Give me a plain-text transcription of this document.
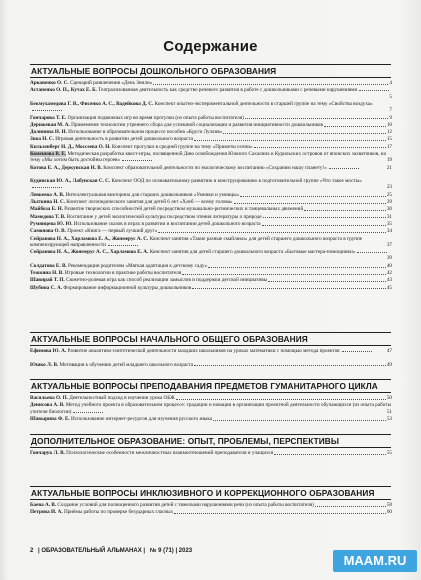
Содержание
АКТУАЛЬНЫЕ ВОПРОСЫ ДОШКОЛЬНОГО ОБРАЗОВАНИЯ
Аркавенко О. С. Сценарий развлечения «День Земли»	4
Астапенко О. П., Кутах Е. Б. Театрализованная деятельность как средство речевого развития в работе с дошкольниками с речевыми нарушениями
5
Бекмухамедова Г. В., Фисенко А. С., Вадейкова Д. С. Конспект опытно-экспериментальной деятельности в старшей группе на тему «Свойства воздуха»
7
Гончарова Т. Е. Организация подвижных игр во время прогулки (из опыта работы воспитателя)	9
Дерижевая М. А. Применение технологии утреннего сбора для успешной социализации и развития инициативности дошкольников	10
Долинина Н. Н. Использование в образовательном процессе пособия «Круги Луллия»	12
Зиоа Н. С. Игровая деятельность в развитии детей дошкольного возраста	15
Кильзенберг Н. Д., Моссеева О. Н. Конспект прогулки в средней группе на тему «Приметы осени»	17
Комешова В. Е. Методическая разработка квест-игры, посвященной Дню освобождения Южного Сахалина и Курильских островов от японских захватчиков, на тему «Мы хотим быть достойны героев»	19
Котова Е. А., Деркунская Н. В. Конспект образовательной деятельности по экологическому воспитанию «Сохраним нашу планету!»	21
Кудинская Ю. А., Лабунская С. С. Конспект ООД по познавательному развитию и конструированию в подготовительной группе «Что такое мосты»
23
Левкеева А. В. Интеллектуальная викторина для старших дошкольников «Умники и умницы»	25
Лыткина Н. С. Конспект логопедического занятия для детей 6 лет «Хлеб — всему голова»	29
Майбоза Е. Н. Развитие творческих способностей детей посредством музыкально-ритмических и танцевальных движений	30
Мамедова Т. В. Воспитание у детей экологической культуры посредством чтения литературы о природе	31
Румянцева Ю. Ю. Использование сказок в играх в развитии и воспитании детей дошкольного возраста	35
Самонова О. В. Проект «Книга — первый лучший друг»	34
Сейранова Н. А., Харламова Е. А., Жонмерус А. С. Конспект занятия «Такие разные смайлики» для детей старшего дошкольного возраста в группе компенсирующей направленности	37
Сейранова Н. А., Жонмерус А. С., Харламова Е. А. Конспект занятия для детей старшего дошкольного возраста «Бытовые мастера-помощники»
39
Солдатова Е. В. Рекомендации родителям «Мягкая адаптация к детскому саду»	40
Тежкина Н. В. Игровые технологии в практике работы воспитателя	42
Шавирай Т. П. Сюжетно-ролевая игра как способ реализации замыслов и поддержки детской инициативы	43
Шубина С. А. Формирование информационной культуры дошкольников	45
АКТУАЛЬНЫЕ ВОПРОСЫ НАЧАЛЬНОГО ОБЩЕГО ОБРАЗОВАНИЯ
Ефимова Ю. А. Развитие аналитико-синтетической деятельности младших школьников на уроках математики с помощью метода проектов	47
Юшко Л. В. Мотивация к обучению детей младшего школьного возраста	49
АКТУАЛЬНЫЕ ВОПРОСЫ ПРЕПОДАВАНИЯ ПРЕДМЕТОВ ГУМАНИТАРНОГО ЦИКЛА
Васильева О. П. Деятельностный подход в изучении урока ОБЖ	50
Денисова А. В. Метод учебного проекта в образовательном процессе: традиции и новации в организации проектной деятельности обучающихся (из опыта работы учителя биологии)	51
Шавырина Ф. Е. Использование интернет-ресурсов для изучения русского языка	53
ДОПОЛНИТЕЛЬНОЕ ОБРАЗОВАНИЕ: ОПЫТ, ПРОБЛЕМЫ, ПЕРСПЕКТИВЫ
Гончарук Л. В. Психологические особенности межличностных взаимоотношений преподавателя и учащихся	55
АКТУАЛЬНЫЕ ВОПРОСЫ ИНКЛЮЗИВНОГО И КОРРЕКЦИОННОГО ОБРАЗОВАНИЯ
Баева А. В. Создание условий для полноценного развития детей с тяжелыми нарушениями речи (из опыта работы воспитателя)	58
Петрова И. А. Приёмы работы по проверке безударных гласных	60
2 | ОБРАЗОВАТЕЛЬНЫЙ АЛЬМАНАХ | № 9 (71) | 2023
MAAM.RU
